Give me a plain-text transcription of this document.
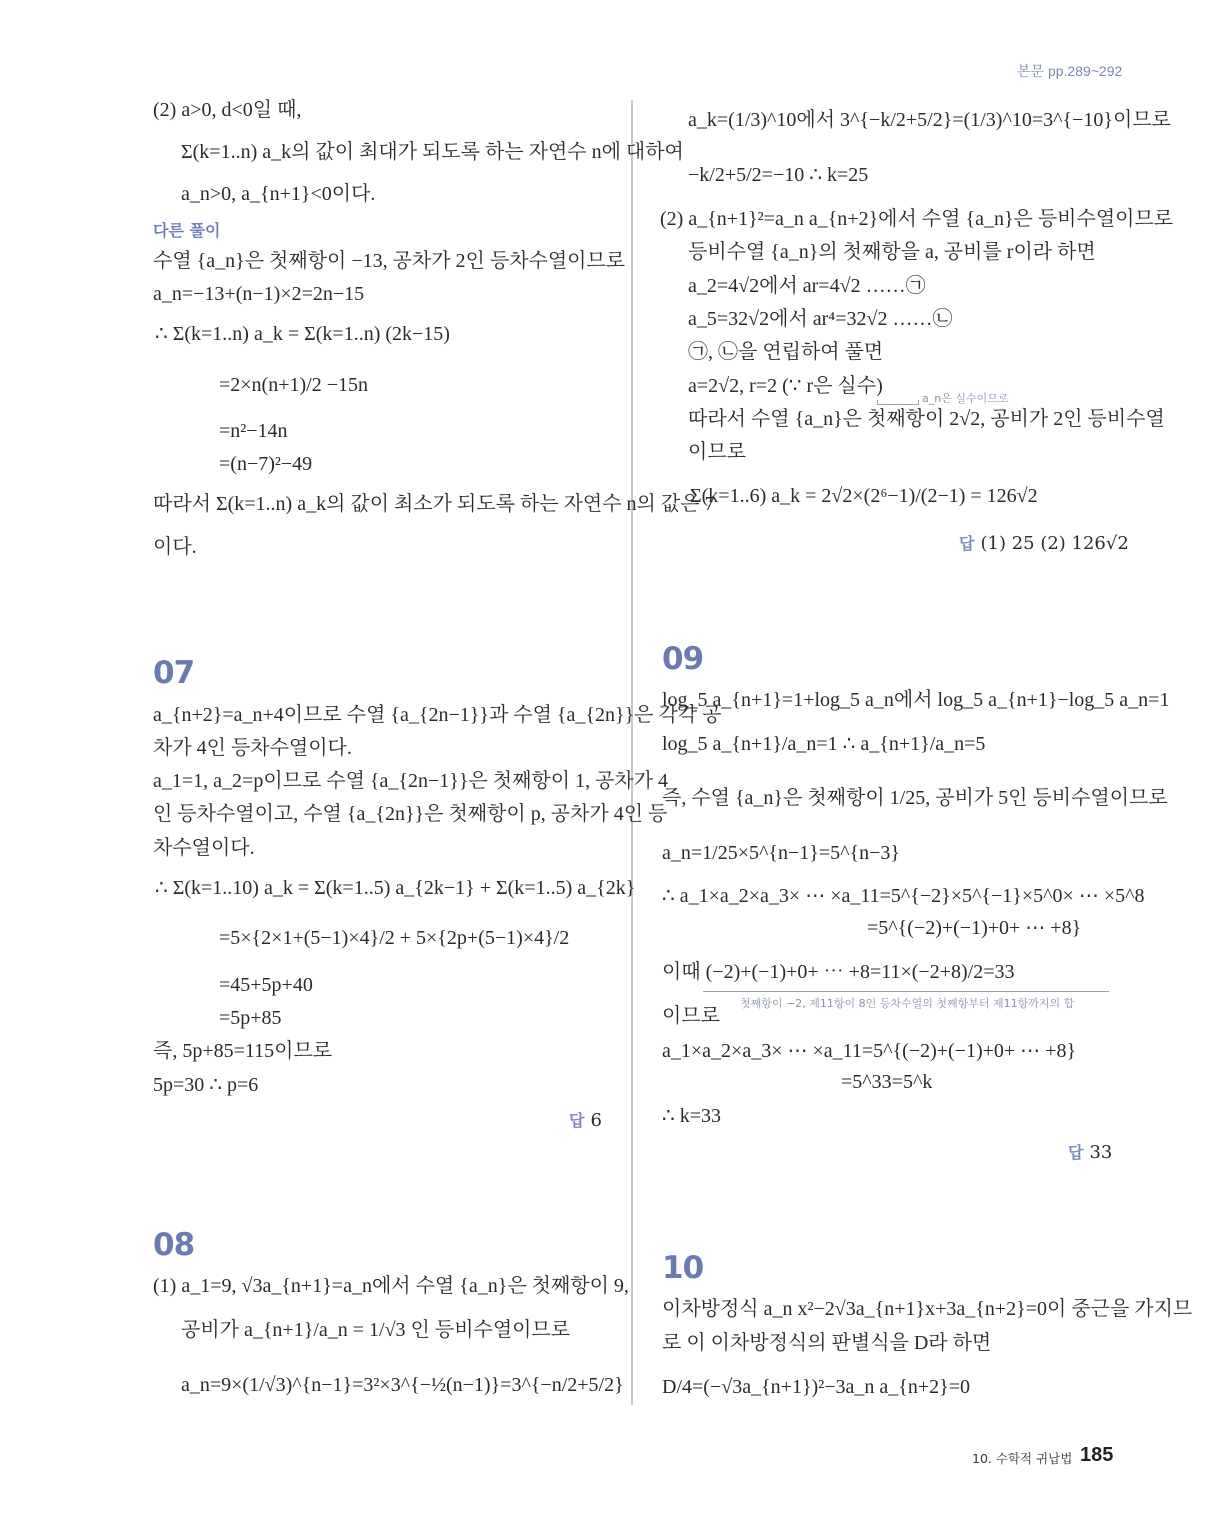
본문 pp.289~292
(2) a>0, d<0일 때,
Σ(k=1..n) a_k의 값이 최대가 되도록 하는 자연수 n에 대하여
a_n>0, a_{n+1}<0이다.
다른 풀이
수열 {a_n}은 첫째항이 −13, 공차가 2인 등차수열이므로
a_n=−13+(n−1)×2=2n−15
∴ Σ(k=1..n) a_k = Σ(k=1..n) (2k−15)
=2×n(n+1)/2 −15n
=n²−14n
=(n−7)²−49
따라서 Σ(k=1..n) a_k의 값이 최소가 되도록 하는 자연수 n의 값은 7
이다.
07
a_{n+2}=a_n+4이므로 수열 {a_{2n−1}}과 수열 {a_{2n}}은 각각 공
차가 4인 등차수열이다.
a_1=1, a_2=p이므로 수열 {a_{2n−1}}은 첫째항이 1, 공차가 4
인 등차수열이고, 수열 {a_{2n}}은 첫째항이 p, 공차가 4인 등
차수열이다.
∴ Σ(k=1..10) a_k = Σ(k=1..5) a_{2k−1} + Σ(k=1..5) a_{2k}
=5×{2×1+(5−1)×4}/2 + 5×{2p+(5−1)×4}/2
=45+5p+40
=5p+85
즉, 5p+85=115이므로
5p=30 ∴ p=6
답 6
08
(1) a_1=9, √3a_{n+1}=a_n에서 수열 {a_n}은 첫째항이 9,
공비가 a_{n+1}/a_n = 1/√3 인 등비수열이므로
a_n=9×(1/√3)^{n−1}=3²×3^{−½(n−1)}=3^{−n/2+5/2}
a_k=(1/3)^10에서 3^{−k/2+5/2}=(1/3)^10=3^{−10}이므로
−k/2+5/2=−10 ∴ k=25
(2) a_{n+1}²=a_n a_{n+2}에서 수열 {a_n}은 등비수열이므로
등비수열 {a_n}의 첫째항을 a, 공비를 r이라 하면
a_2=4√2에서 ar=4√2 ……㉠
a_5=32√2에서 ar⁴=32√2 ……㉡
㉠, ㉡을 연립하여 풀면
a=2√2, r=2 (∵ r은 실수)
a_n은 실수이므로
따라서 수열 {a_n}은 첫째항이 2√2, 공비가 2인 등비수열
이므로
Σ(k=1..6) a_k = 2√2×(2⁶−1)/(2−1) = 126√2
답 (1) 25 (2) 126√2
09
log_5 a_{n+1}=1+log_5 a_n에서 log_5 a_{n+1}−log_5 a_n=1
log_5 a_{n+1}/a_n=1 ∴ a_{n+1}/a_n=5
즉, 수열 {a_n}은 첫째항이 1/25, 공비가 5인 등비수열이므로
a_n=1/25×5^{n−1}=5^{n−3}
∴ a_1×a_2×a_3× ⋯ ×a_11=5^{−2}×5^{−1}×5^0× ⋯ ×5^8
=5^{(−2)+(−1)+0+ ⋯ +8}
이때 (−2)+(−1)+0+ ⋯ +8=11×(−2+8)/2=33
첫째항이 −2, 제11항이 8인 등차수열의 첫째항부터 제11항까지의 합
이므로
a_1×a_2×a_3× ⋯ ×a_11=5^{(−2)+(−1)+0+ ⋯ +8}
=5^33=5^k
∴ k=33
답 33
10
이차방정식 a_n x²−2√3a_{n+1}x+3a_{n+2}=0이 중근을 가지므
로 이 이차방정식의 판별식을 D라 하면
D/4=(−√3a_{n+1})²−3a_n a_{n+2}=0
10. 수학적 귀납법 185
